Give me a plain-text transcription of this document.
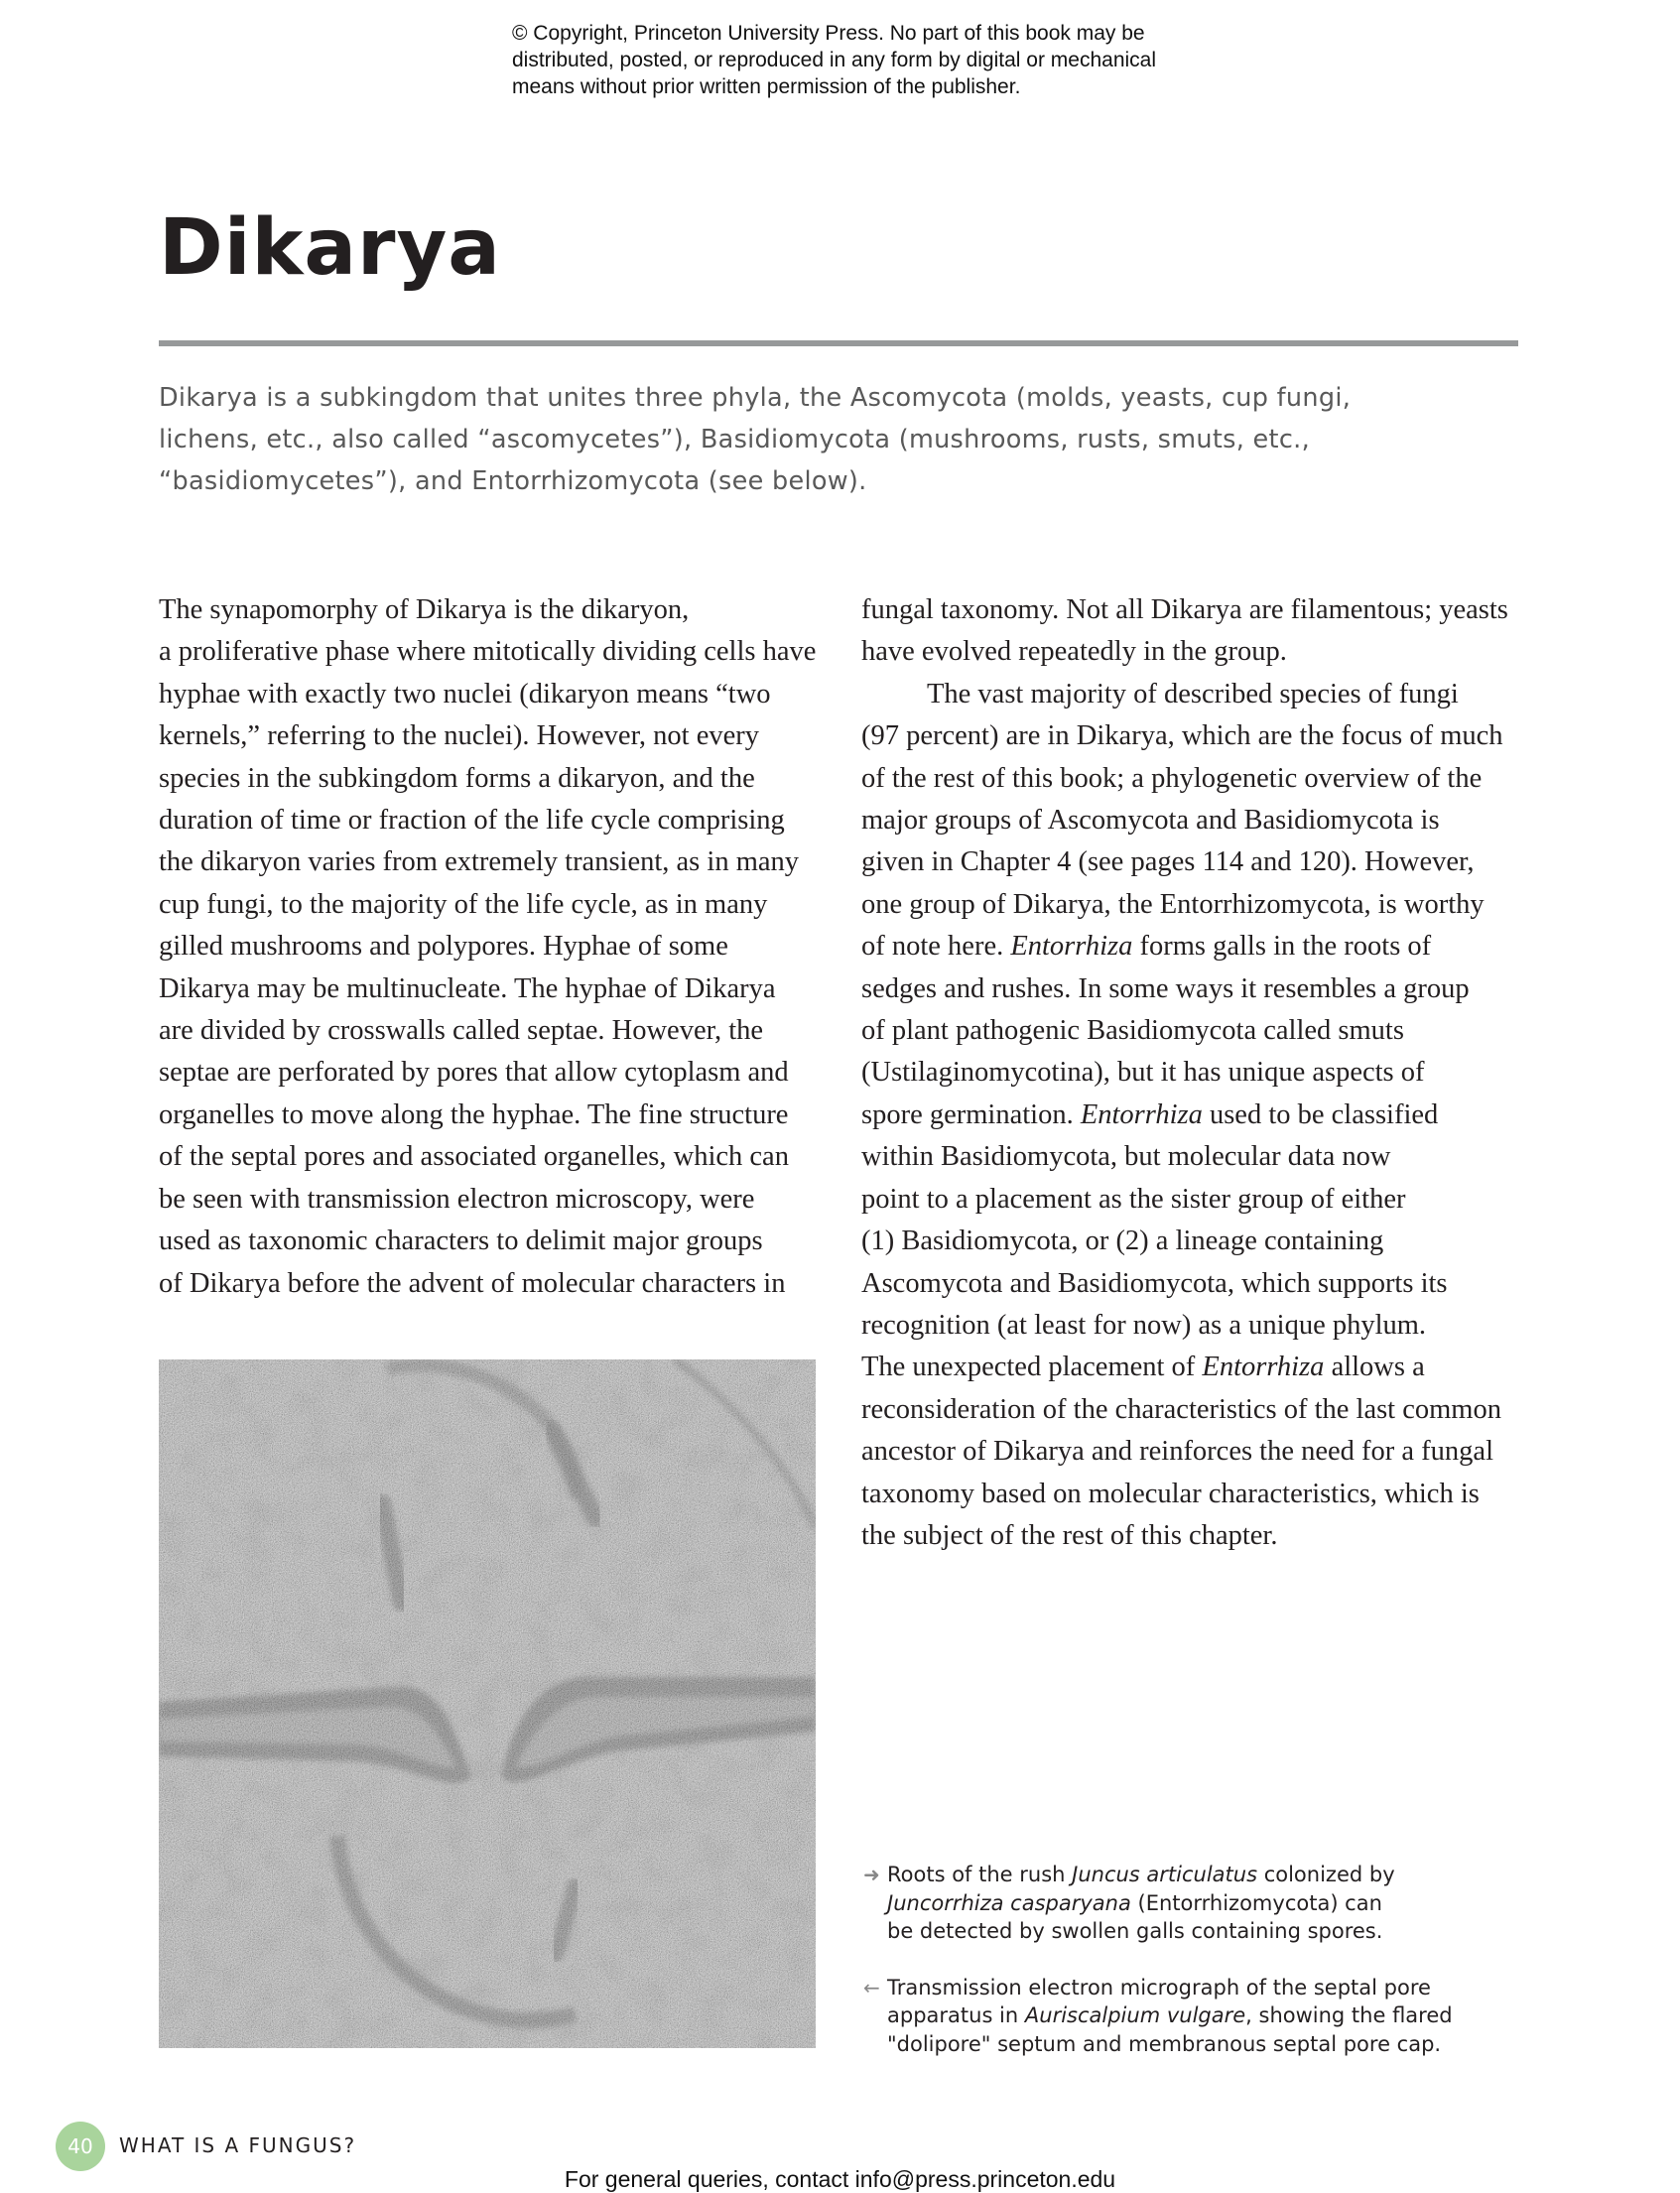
© Copyright, Princeton University Press. No part of this book may be
distributed, posted, or reproduced in any form by digital or mechanical
means without prior written permission of the publisher.
Dikarya
Dikarya is a subkingdom that unites three phyla, the Ascomycota (molds, yeasts, cup fungi,
lichens, etc., also called “ascomycetes”), Basidiomycota (mushrooms, rusts, smuts, etc.,
“basidiomycetes”), and Entorrhizomycota (see below).
The synapomorphy of Dikarya is the dikaryon,
a proliferative phase where mitotically dividing cells have
hyphae with exactly two nuclei (dikaryon means “two
kernels,” referring to the nuclei). However, not every
species in the subkingdom forms a dikaryon, and the
duration of time or fraction of the life cycle comprising
the dikaryon varies from extremely transient, as in many
cup fungi, to the majority of the life cycle, as in many
gilled mushrooms and polypores. Hyphae of some
Dikarya may be multinucleate. The hyphae of Dikarya
are divided by crosswalls called septae. However, the
septae are perforated by pores that allow cytoplasm and
organelles to move along the hyphae. The fine structure
of the septal pores and associated organelles, which can
be seen with transmission electron microscopy, were
used as taxonomic characters to delimit major groups
of Dikarya before the advent of molecular characters in
fungal taxonomy. Not all Dikarya are filamentous; yeasts
have evolved repeatedly in the group.
The vast majority of described species of fungi
(97 percent) are in Dikarya, which are the focus of much
of the rest of this book; a phylogenetic overview of the
major groups of Ascomycota and Basidiomycota is
given in Chapter 4 (see pages 114 and 120). However,
one group of Dikarya, the Entorrhizomycota, is worthy
of note here. Entorrhiza forms galls in the roots of
sedges and rushes. In some ways it resembles a group
of plant pathogenic Basidiomycota called smuts
(Ustilaginomycotina), but it has unique aspects of
spore germination. Entorrhiza used to be classified
within Basidiomycota, but molecular data now
point to a placement as the sister group of either
(1) Basidiomycota, or (2) a lineage containing
Ascomycota and Basidiomycota, which supports its
recognition (at least for now) as a unique phylum.
The unexpected placement of Entorrhiza allows a
reconsideration of the characteristics of the last common
ancestor of Dikarya and reinforces the need for a fungal
taxonomy based on molecular characteristics, which is
the subject of the rest of this chapter.
➜ Roots of the rush Juncus articulatus colonized by
Juncorrhiza casparyana (Entorrhizomycota) can
be detected by swollen galls containing spores.
← Transmission electron micrograph of the septal pore
apparatus in Auriscalpium vulgare, showing the flared
"dolipore" septum and membranous septal pore cap.
40	WHAT IS A FUNGUS?
For general queries, contact info@press.princeton.edu
